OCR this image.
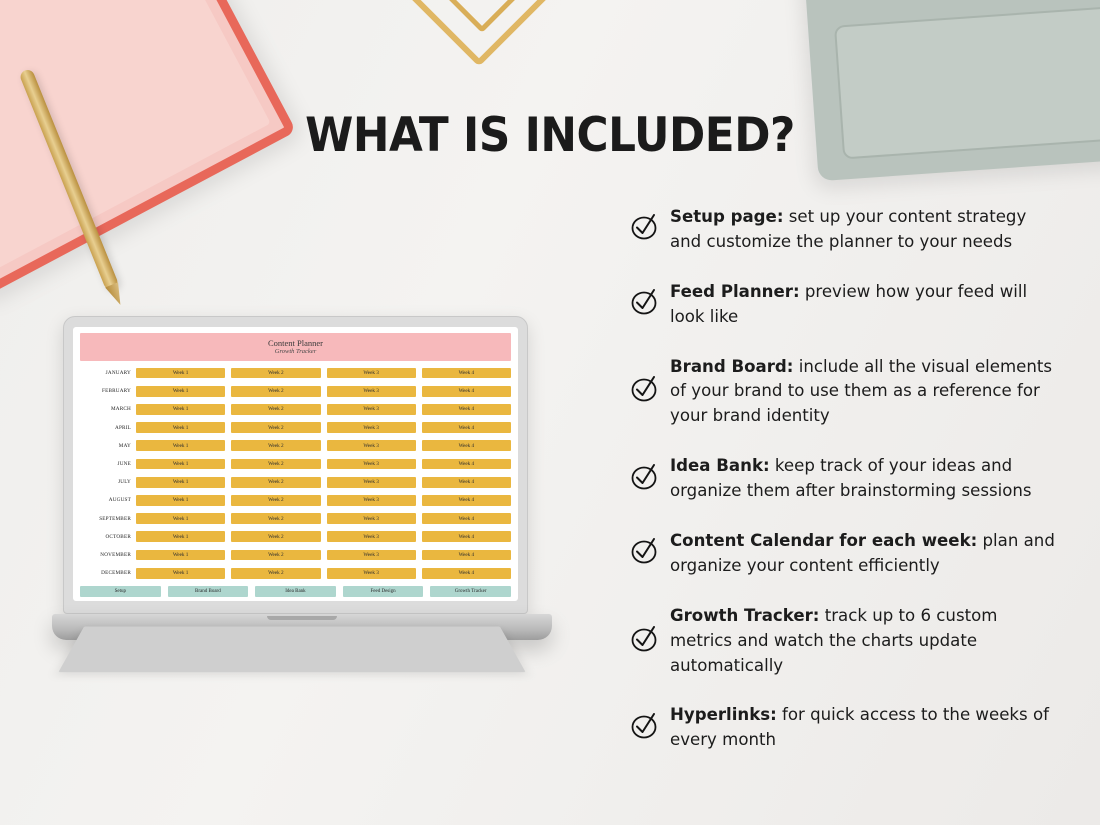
WHAT IS INCLUDED?
Content Planner
Growth Tracker
JANUARY	Week 1	Week 2	Week 3	Week 4
FEBRUARY	Week 1	Week 2	Week 3	Week 4
MARCH	Week 1	Week 2	Week 3	Week 4
APRIL	Week 1	Week 2	Week 3	Week 4
MAY	Week 1	Week 2	Week 3	Week 4
JUNE	Week 1	Week 2	Week 3	Week 4
JULY	Week 1	Week 2	Week 3	Week 4
AUGUST	Week 1	Week 2	Week 3	Week 4
SEPTEMBER	Week 1	Week 2	Week 3	Week 4
OCTOBER	Week 1	Week 2	Week 3	Week 4
NOVEMBER	Week 1	Week 2	Week 3	Week 4
DECEMBER	Week 1	Week 2	Week 3	Week 4
Setup	Brand Board	Idea Bank	Feed Design	Growth Tracker
Setup page: set up your content strategy and customize the planner to your needs
Feed Planner: preview how your feed will look like
Brand Board: include all the visual elements of your brand to use them as a reference for your brand identity
Idea Bank: keep track of your ideas and organize them after brainstorming sessions
Content Calendar for each week: plan and organize your content efficiently
Growth Tracker: track up to 6 custom metrics and watch the charts update automatically
Hyperlinks: for quick access to the weeks of every month
